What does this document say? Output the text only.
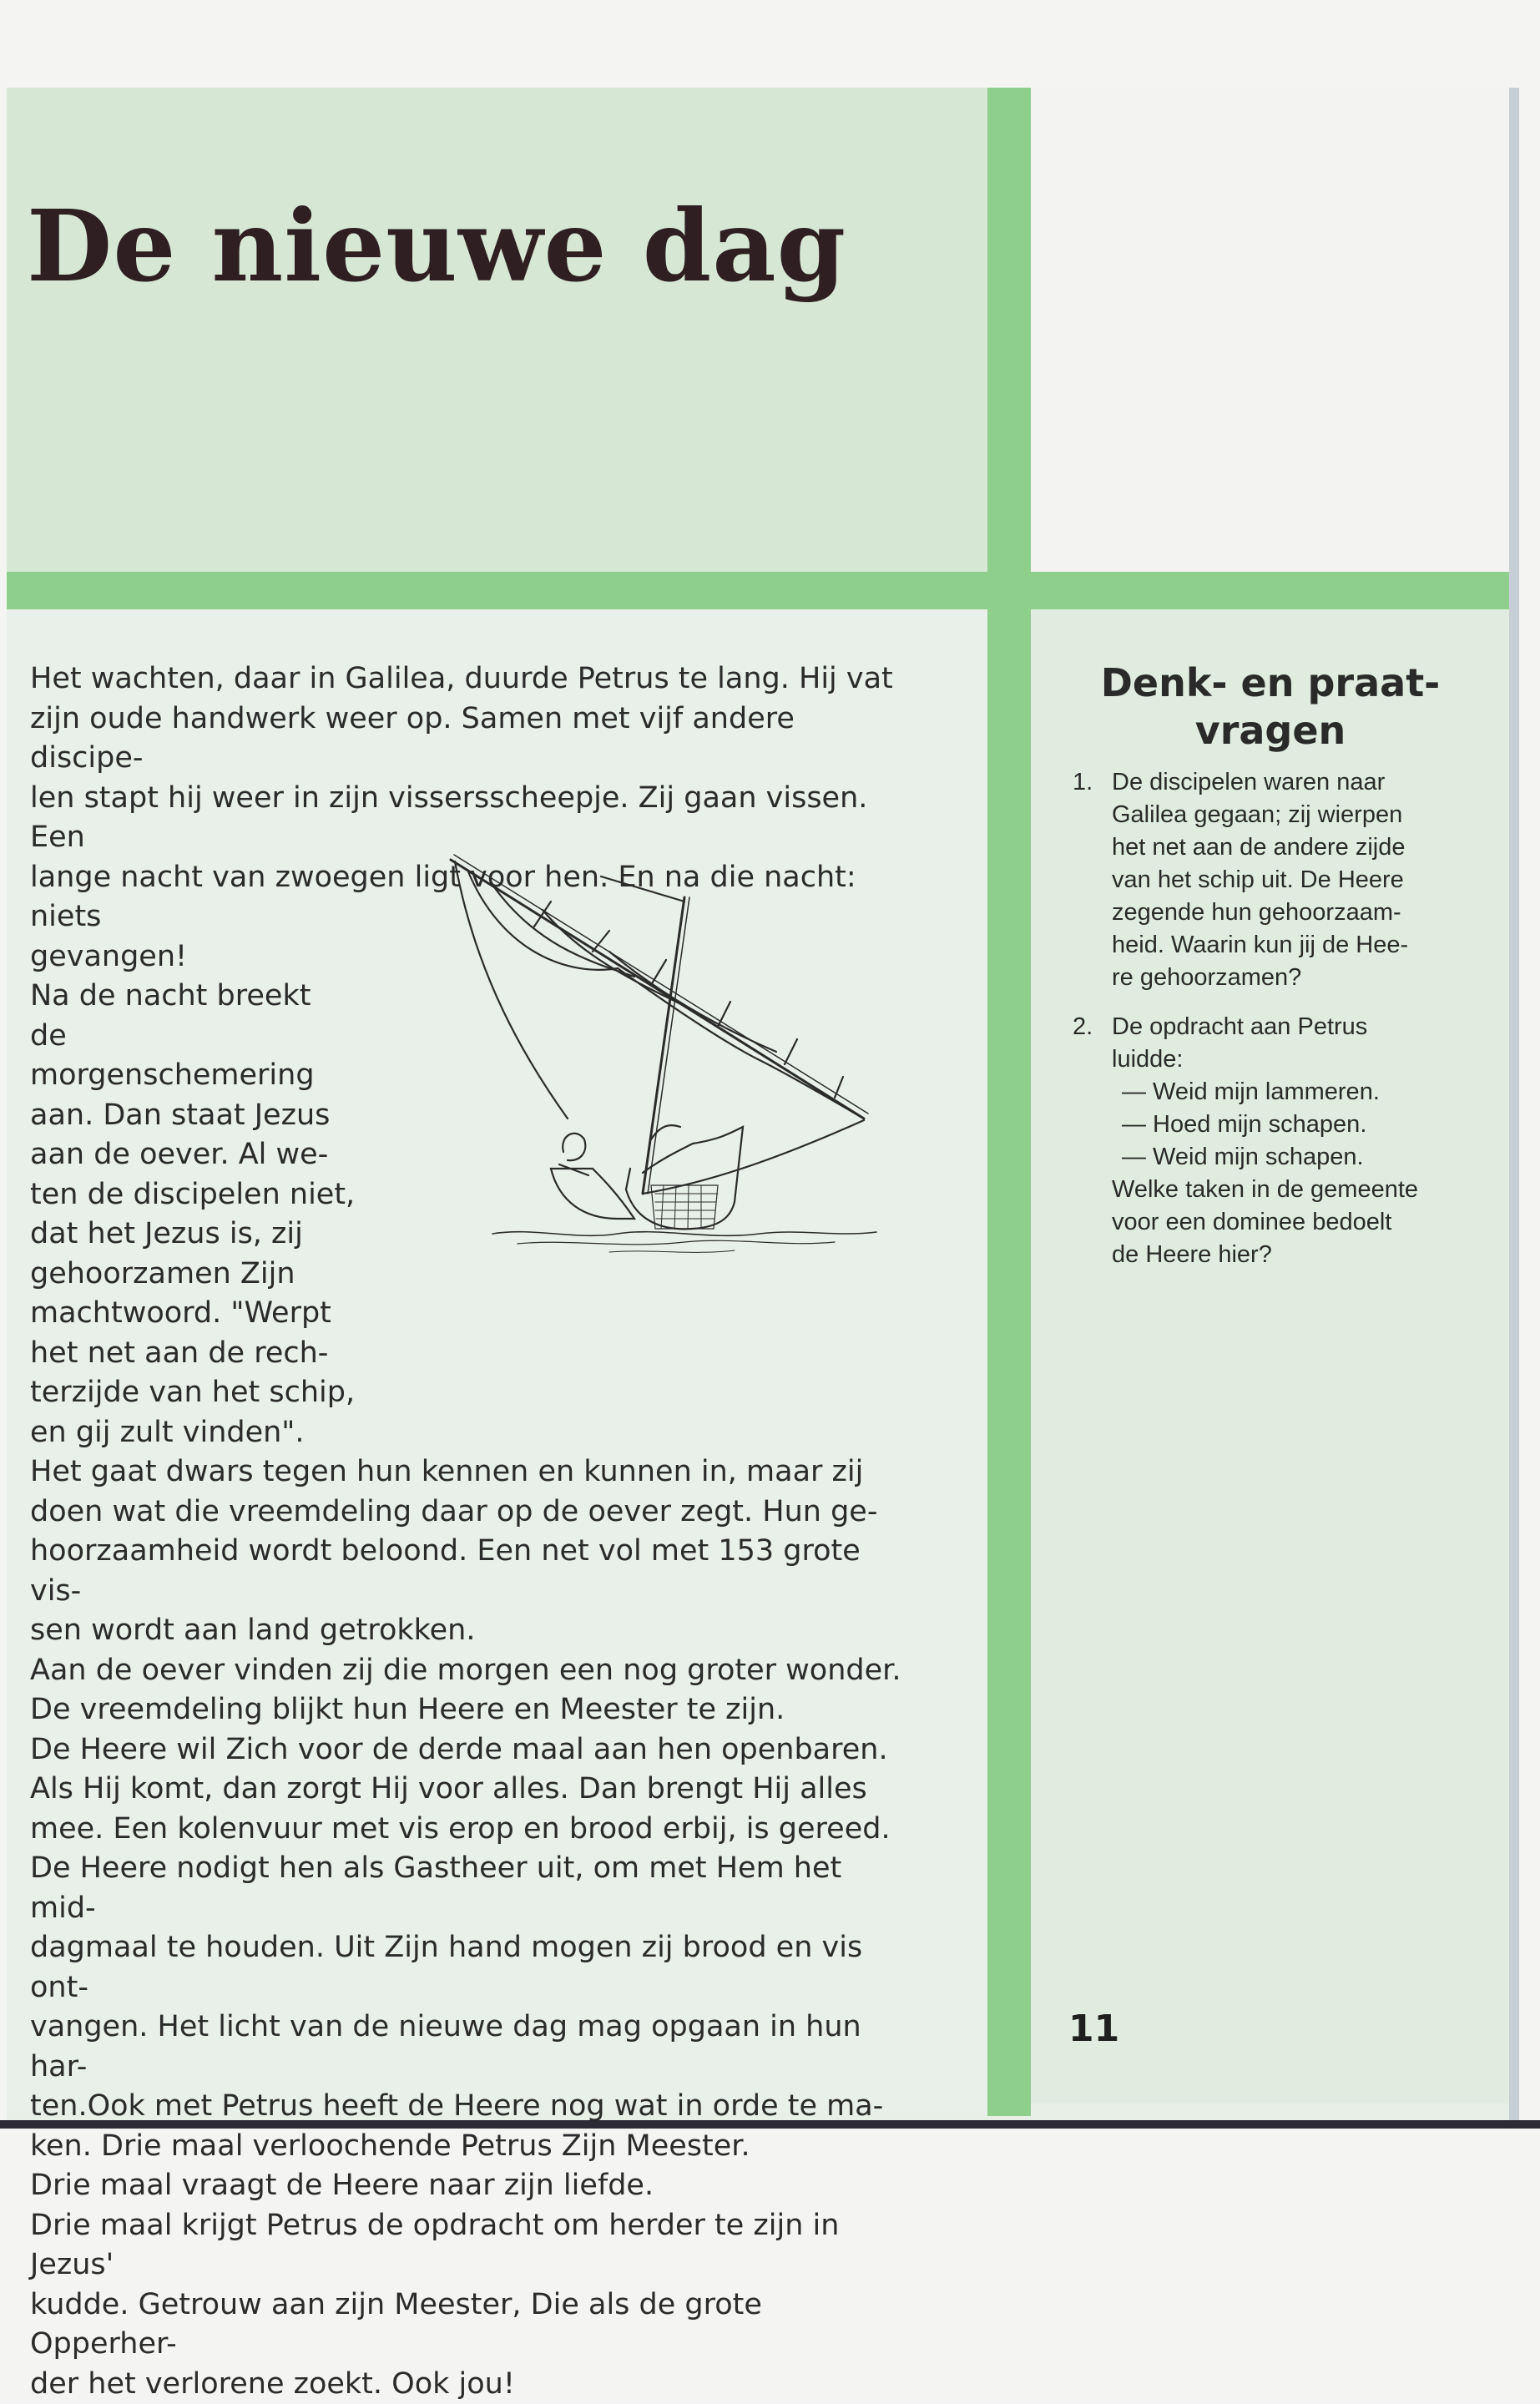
De nieuwe dag

Het wachten, daar in Galilea, duurde Petrus te lang. Hij vat

zijn oude handwerk weer op. Samen met vijf andere discipe-

len stapt hij weer in zijn vissersscheepje. Zij gaan vissen. Een

lange nacht van zwoegen ligt voor hen. En na die nacht: niets

gevangen!

Na de nacht breekt

de morgenschemering

aan. Dan staat Jezus

aan de oever. Al we-

ten de discipelen niet,

dat het Jezus is, zij

gehoorzamen Zijn

machtwoord. "Werpt

het net aan de rech-

terzijde van het schip,

en gij zult vinden".

Het gaat dwars tegen hun kennen en kunnen in, maar zij

doen wat die vreemdeling daar op de oever zegt. Hun ge-

hoorzaamheid wordt beloond. Een net vol met 153 grote vis-

sen wordt aan land getrokken.

Aan de oever vinden zij die morgen een nog groter wonder.

De vreemdeling blijkt hun Heere en Meester te zijn.

De Heere wil Zich voor de derde maal aan hen openbaren.

Als Hij komt, dan zorgt Hij voor alles. Dan brengt Hij alles

mee. Een kolenvuur met vis erop en brood erbij, is gereed.

De Heere nodigt hen als Gastheer uit, om met Hem het mid-

dagmaal te houden. Uit Zijn hand mogen zij brood en vis ont-

vangen. Het licht van de nieuwe dag mag opgaan in hun har-

ten.Ook met Petrus heeft de Heere nog wat in orde te ma-

ken. Drie maal verloochende Petrus Zijn Meester.

Drie maal vraagt de Heere naar zijn liefde.

Drie maal krijgt Petrus de opdracht om herder te zijn in Jezus'

kudde. Getrouw aan zijn Meester, Die als de grote Opperher-

der het verlorene zoekt. Ook jou!

Denk- en praat-
vragen
1. De discipelen waren naar
Galilea gegaan; zij wierpen
het net aan de andere zijde
van het schip uit. De Heere
zegende hun gehoorzaam-
heid. Waarin kun jij de Hee-
re gehoorzamen?
2. De opdracht aan Petrus
luidde:
— Weid mijn lammeren.
— Hoed mijn schapen.
— Weid mijn schapen.
Welke taken in de gemeente
voor een dominee bedoelt
de Heere hier?
11
